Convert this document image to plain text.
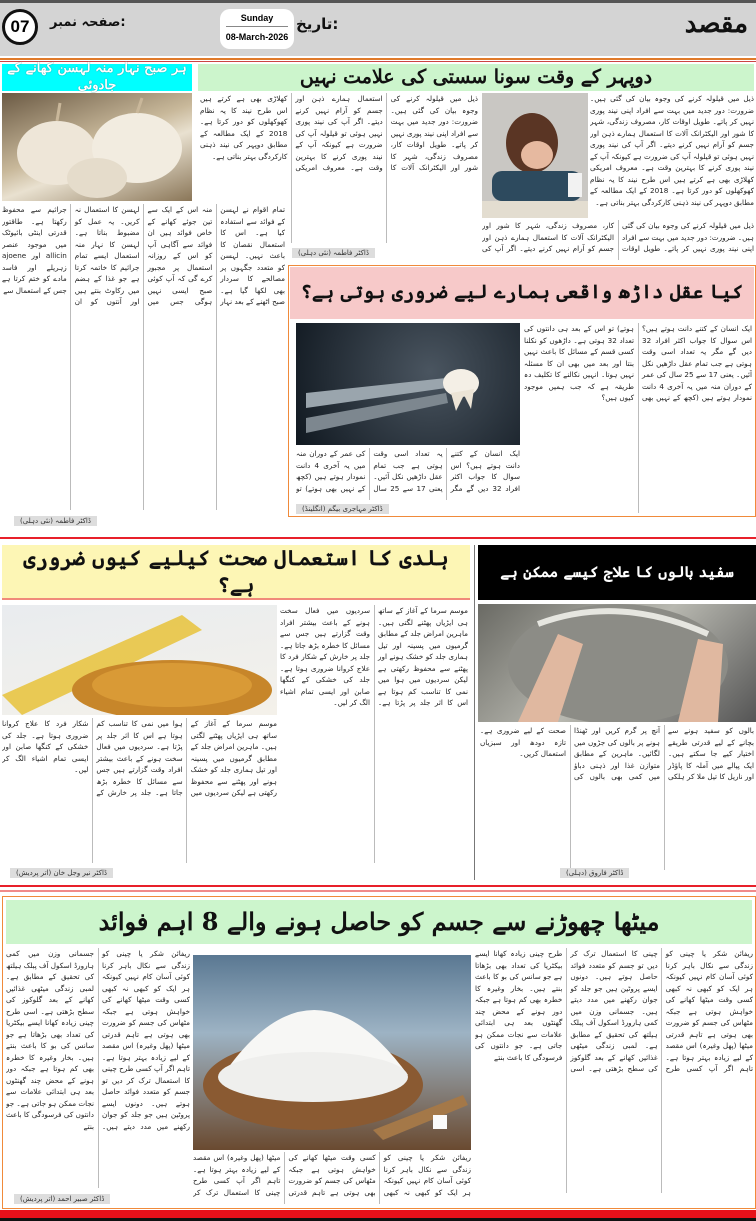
مقصد
تاریخ:
Sunday
08-March-2026
صفحہ نمبر:
07
ہر صبح نہار منہ لہسن کھانے کے جادوئی
تمام اقوام نے لہسن کے فوائد سے استفادہ کیا ہے۔ اس کا استعمال نقصان کا باعث نہیں۔ لہسن کو متعدد جگہوں پر مصالحے کا سردار بھی لکھا گیا ہے۔ صبح اٹھنے کے بعد نہار منہ اس کے ایک سے تین جوئے کھانے کے خاص فوائد ہیں ان فوائد سے آگاہی آپ کو اس کے روزانہ استعمال پر مجبور کرے گی کہ آپ کوئی صبح ایسی نہیں ہوگی جس میں لہسن کا استعمال نہ کریں۔ یہ عمل کو مضبوط بناتا ہے۔ لہسن کا نہار منہ استعمال ایسے تمام جراثیم کا خاتمہ کرتا ہے جو غذا کے ہضم میں رکاوٹ بنتے ہیں اور آنتوں کو ان جراثیم سے محفوظ رکھتا ہے۔ طاقتور قدرتی اینٹی بائیوٹک میں موجود عنصر allicin اور ajoene زہریلے اور فاسد مادے کو ختم کرتا ہے جس کے استعمال سے
ڈاکٹر فاطمہ (نئی دہلی)
دوپہر کے وقت سونا سستی کی علامت نہیں
ذیل میں قیلولہ کرنے کی وجوہ بیان کی گئی ہیں۔ ضرورت: دور جدید میں بہت سے افراد اپنی نیند پوری نہیں کر پاتے۔ طویل اوقات کار، مصروف زندگی، شہر کا شور اور الیکٹرانک آلات کا استعمال ہمارے ذہن اور جسم کو آرام نہیں کرنے دیتے۔ اگر آپ کی نیند پوری نہیں ہوئی تو قیلولہ آپ کی ضرورت ہے کیونکہ آپ کے نیند پوری کرنے کا بہترین وقت ہے۔ معروف امریکی کھلاڑی بھی ہے کرتے ہیں اس طرح نیند کا یہ نظام کھوکھلوں کو دور کرتا ہے۔ 2018 کے ایک مطالعہ کے مطابق دوپہر کی نیند ذہنی کارکردگی بہتر بناتی ہے۔
ذیل میں قیلولہ کرنے کی وجوہ بیان کی گئی ہیں۔ ضرورت: دور جدید میں بہت سے افراد اپنی نیند پوری نہیں کر پاتے۔ طویل اوقات کار، مصروف زندگی، شہر کا شور اور الیکٹرانک آلات کا استعمال ہمارے ذہن اور جسم کو آرام نہیں کرنے دیتے۔ اگر آپ کی نیند پوری نہیں ہوئی تو قیلولہ آپ کی ضرورت ہے کیونکہ آپ کے نیند پوری کرنے کا بہترین وقت ہے۔ معروف امریکی کھلاڑی بھی ہے کرتے ہیں اس طرح نیند کا یہ نظام کھوکھلوں کو دور کرتا ہے۔ 2018 کے ایک مطالعہ کے مطابق دوپہر کی نیند ذہنی کارکردگی بہتر بناتی ہے۔
ذیل میں قیلولہ کرنے کی وجوہ بیان کی گئی ہیں۔ ضرورت: دور جدید میں بہت سے افراد اپنی نیند پوری نہیں کر پاتے۔ طویل اوقات کار، مصروف زندگی، شہر کا شور اور الیکٹرانک آلات کا استعمال ہمارے ذہن اور جسم کو آرام نہیں کرنے دیتے۔ اگر آپ کی
ڈاکٹر فاطمہ (نئی دہلی)
کیا عقل داڑھ واقعی ہمارے لیے ضروری ہوتی ہے؟
ایک انسان کے کتنے دانت ہوتے ہیں؟ اس سوال کا جواب اکثر افراد 32 دیں گے مگر یہ تعداد اسی وقت ہوتی ہے جب تمام عقل داڑھیں نکل آئیں۔ یعنی 17 سے 25 سال کی عمر کے دوران منہ میں یہ آخری 4 دانت نمودار ہوتے ہیں (کچھ کے نہیں بھی ہوتے) تو اس کے بعد ہی دانتوں کی تعداد 32 ہوتی ہے۔ داڑھوں کو نکلنا کسی قسم کے مسائل کا باعث نہیں بنتا اور بعد میں بھی ان کا مسئلہ نہیں ہوتا۔ انہیں نکالنے کا تکلیف دہ طریقہ ہے کہ جب ہمیں موجود کیوں ہیں؟
ایک انسان کے کتنے دانت ہوتے ہیں؟ اس سوال کا جواب اکثر افراد 32 دیں گے مگر یہ تعداد اسی وقت ہوتی ہے جب تمام عقل داڑھیں نکل آئیں۔ یعنی 17 سے 25 سال کی عمر کے دوران منہ میں یہ آخری 4 دانت نمودار ہوتے ہیں (کچھ کے نہیں بھی ہوتے) تو
ڈاکٹر مہاجری بیگم (انگلینڈ)
ہلدی کا استعمال صحت کیلیے کیوں ضروری ہے؟
موسم سرما کے آغاز کے ساتھ ہی ایڑیاں پھٹنے لگتی ہیں۔ ماہرین امراض جلد کے مطابق گرمیوں میں پسینہ اور تیل ہماری جلد کو خشک ہونے اور پھٹنے سے محفوظ رکھتی ہے لیکن سردیوں میں ہوا میں نمی کا تناسب کم ہوتا ہے اس کا اثر جلد پر پڑتا ہے۔ سردیوں میں فعال سخت ہونے کے باعث بیشتر افراد وقت گزارتے ہیں جس سے مسائل کا خطرہ بڑھ جاتا ہے۔ جلد پر خارش کے شکار فرد کا علاج کروانا ضروری ہوتا ہے۔ جلد کی خشکی کے کنگھا صابن اور ایسی تمام اشیاء الگ کر لیں۔
موسم سرما کے آغاز کے ساتھ ہی ایڑیاں پھٹنے لگتی ہیں۔ ماہرین امراض جلد کے مطابق گرمیوں میں پسینہ اور تیل ہماری جلد کو خشک ہونے اور پھٹنے سے محفوظ رکھتی ہے لیکن سردیوں میں ہوا میں نمی کا تناسب کم ہوتا ہے اس کا اثر جلد پر پڑتا ہے۔ سردیوں میں فعال سخت ہونے کے باعث بیشتر افراد وقت گزارتے ہیں جس سے مسائل کا خطرہ بڑھ جاتا ہے۔ جلد پر خارش کے شکار فرد کا علاج کروانا ضروری ہوتا ہے۔ جلد کی خشکی کے کنگھا صابن اور ایسی تمام اشیاء الگ کر لیں۔
ڈاکٹر نیر وجل خان (اتر پردیش)
سفید بالوں کا علاج کیسے ممکن ہے
بالوں کو سفید ہونے سے بچانے کے لیے قدرتی طریقے اختیار کیے جا سکتے ہیں۔ ایک پیالے میں آملہ کا پاؤڈر اور ناریل کا تیل ملا کر ہلکی آنچ پر گرم کریں اور ٹھنڈا ہونے پر بالوں کی جڑوں میں لگائیں۔ ماہرین کے مطابق متوازن غذا اور ذہنی دباؤ میں کمی بھی بالوں کی صحت کے لیے ضروری ہے۔ تازہ دودھ اور سبزیاں استعمال کریں۔
ڈاکٹر فاروق (دہلی)
میٹھا چھوڑنے سے جسم کو حاصل ہونے والے 8 اہم فوائد
ریفائن شکر یا چینی کو زندگی سے نکال باہر کرنا کوئی آسان کام نہیں کیونکہ ہر ایک کو کبھی نہ کبھی کسی وقت میٹھا کھانے کی خواہش ہوتی ہے جبکہ مٹھاس کی جسم کو ضرورت بھی ہوتی ہے تاہم قدرتی میٹھا (پھل وغیرہ) اس مقصد کے لیے زیادہ بہتر ہوتا ہے۔ تاہم اگر آپ کسی طرح چینی کا استعمال ترک کر دیں تو جسم کو متعدد فوائد حاصل ہوتے ہیں۔ دونوں ایسے پروٹین ہیں جو جلد کو جوان رکھنے میں مدد دیتے ہیں۔ جسمانی وزن میں کمی ہارورڈ اسکول آف پبلک ہیلتھ کی تحقیق کے مطابق ہے۔ لمبی زندگی میٹھی غذائیں کھانے کے بعد گلوکوز کی سطح بڑھتی ہے۔ اسی طرح چینی زیادہ کھانا ایسے بیکٹریا کی تعداد بھی بڑھاتا ہے جو سانس کی بو کا باعث بنتے ہیں۔ بخار وغیرہ کا خطرہ بھی کم ہوتا ہے جبکہ دور ہونے کے محض چند گھنٹوں بعد ہی ابتدائی علامات سے نجات ممکن ہو جاتی ہے۔ جو دانتوں کی فرسودگی کا باعث بنتے
ریفائن شکر یا چینی کو زندگی سے نکال باہر کرنا کوئی آسان کام نہیں کیونکہ ہر ایک کو کبھی نہ کبھی کسی وقت میٹھا کھانے کی خواہش ہوتی ہے جبکہ مٹھاس کی جسم کو ضرورت بھی ہوتی ہے تاہم قدرتی میٹھا (پھل وغیرہ) اس مقصد کے لیے زیادہ بہتر ہوتا ہے۔ تاہم اگر آپ کسی طرح چینی کا استعمال ترک کر دیں تو جسم کو متعدد فوائد حاصل ہوتے ہیں۔ دونوں ایسے پروٹین ہیں جو جلد کو جوان رکھنے میں مدد دیتے ہیں۔ جسمانی وزن میں کمی ہارورڈ اسکول آف پبلک ہیلتھ کی تحقیق کے مطابق ہے۔ لمبی زندگی میٹھی غذائیں کھانے کے بعد گلوکوز کی سطح بڑھتی ہے۔ اسی طرح چینی زیادہ کھانا ایسے بیکٹریا کی تعداد بھی بڑھاتا ہے جو سانس کی بو کا باعث بنتے ہیں۔ بخار وغیرہ کا خطرہ بھی کم ہوتا ہے جبکہ دور ہونے کے محض چند گھنٹوں بعد ہی ابتدائی علامات سے نجات ممکن ہو جاتی ہے۔ جو دانتوں کی فرسودگی کا باعث بنتے
ریفائن شکر یا چینی کو زندگی سے نکال باہر کرنا کوئی آسان کام نہیں کیونکہ ہر ایک کو کبھی نہ کبھی کسی وقت میٹھا کھانے کی خواہش ہوتی ہے جبکہ مٹھاس کی جسم کو ضرورت بھی ہوتی ہے تاہم قدرتی میٹھا (پھل وغیرہ) اس مقصد کے لیے زیادہ بہتر ہوتا ہے۔ تاہم اگر آپ کسی طرح چینی کا استعمال ترک کر
ڈاکٹر صبیر احمد (اتر پردیش)
